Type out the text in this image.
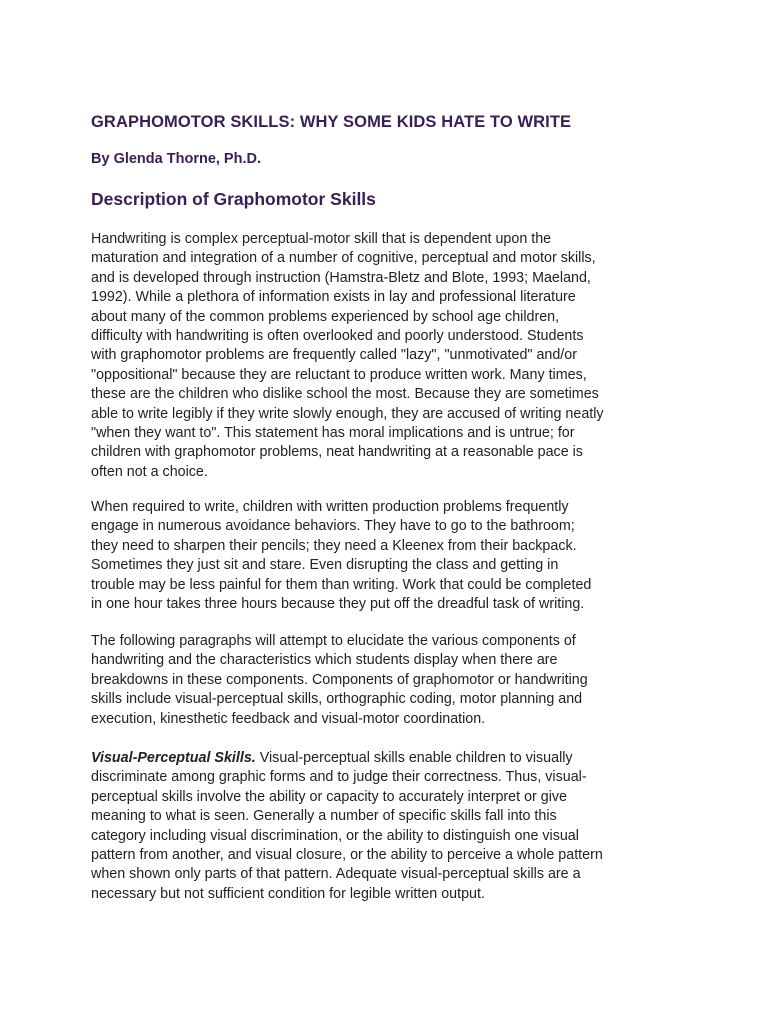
GRAPHOMOTOR SKILLS: WHY SOME KIDS HATE TO WRITE

By Glenda Thorne, Ph.D.

Description of Graphomotor Skills

Handwriting is complex perceptual-motor skill that is dependent upon the
maturation and integration of a number of cognitive, perceptual and motor skills,
and is developed through instruction (Hamstra-Bletz and Blote, 1993; Maeland,
1992). While a plethora of information exists in lay and professional literature
about many of the common problems experienced by school age children,
difficulty with handwriting is often overlooked and poorly understood. Students
with graphomotor problems are frequently called "lazy", "unmotivated" and/or
"oppositional" because they are reluctant to produce written work. Many times,
these are the children who dislike school the most. Because they are sometimes
able to write legibly if they write slowly enough, they are accused of writing neatly
"when they want to". This statement has moral implications and is untrue; for
children with graphomotor problems, neat handwriting at a reasonable pace is
often not a choice.

When required to write, children with written production problems frequently
engage in numerous avoidance behaviors. They have to go to the bathroom;
they need to sharpen their pencils; they need a Kleenex from their backpack.
Sometimes they just sit and stare. Even disrupting the class and getting in
trouble may be less painful for them than writing. Work that could be completed
in one hour takes three hours because they put off the dreadful task of writing.

The following paragraphs will attempt to elucidate the various components of
handwriting and the characteristics which students display when there are
breakdowns in these components. Components of graphomotor or handwriting
skills include visual-perceptual skills, orthographic coding, motor planning and
execution, kinesthetic feedback and visual-motor coordination.

Visual-Perceptual Skills. Visual-perceptual skills enable children to visually
discriminate among graphic forms and to judge their correctness. Thus, visual-
perceptual skills involve the ability or capacity to accurately interpret or give
meaning to what is seen. Generally a number of specific skills fall into this
category including visual discrimination, or the ability to distinguish one visual
pattern from another, and visual closure, or the ability to perceive a whole pattern
when shown only parts of that pattern. Adequate visual-perceptual skills are a
necessary but not sufficient condition for legible written output.
